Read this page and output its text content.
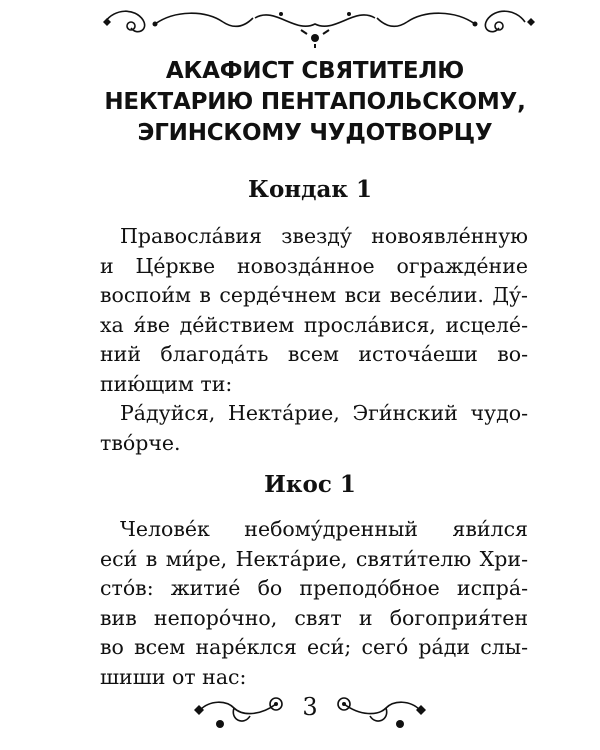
АКАФИСТ СВЯТИТЕЛЮ
НЕКТАРИЮ ПЕНТАПОЛЬСКОМУ,
ЭГИНСКОМУ ЧУДОТВОРЦУ
Кондак 1
Правосла́вия звезду́ новоявле́нную
и Це́ркве новозда́нное огражде́ние
воспои́м в серде́чнем вси весе́лии. Ду́-
ха я́ве де́йствием просла́вися, исцеле́-
ний благода́ть всем источа́еши во-
пию́щим ти:
Ра́дуйся, Некта́рие, Эги́нский чудо-
тво́рче.
Икос 1
Челове́к небому́дренный яви́лся
еси́ в ми́ре, Некта́рие, святи́телю Хри-
сто́в: житие́ бо преподо́бное испра́-
вив непоро́чно, свят и богоприя́тен
во всем наре́клся еси́; сего́ ра́ди слы-
шиши от нас:
3
